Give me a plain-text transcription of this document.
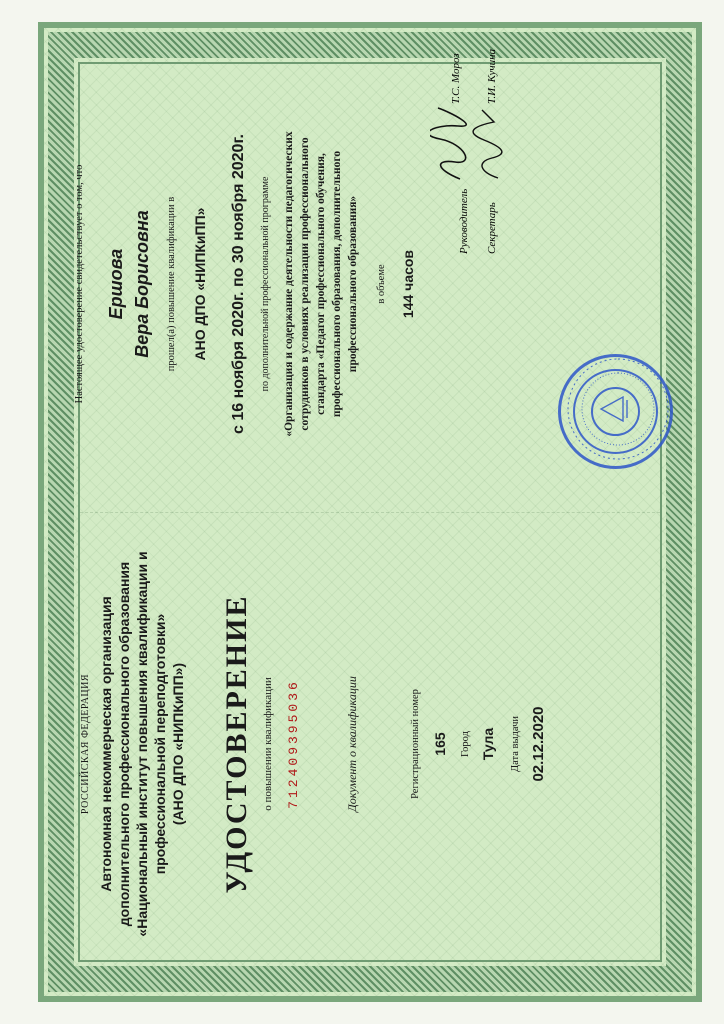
РОССИЙСКАЯ ФЕДЕРАЦИЯ Автономная некоммерческая организация дополнительного профессионального образования «Национальный институт повышения квалификации и профессиональной переподготовки» (АНО ДПО «НИПКиПП») УДОСТОВЕРЕНИЕ о повышении квалификации 712409395036	Документ о квалификации	Регистрационный номер 165 Город Тула Дата выдачи 02.12.2020
Настоящее удостоверение свидетельствует о том, что Ершова Вера Борисовна прошел(а) повышение квалификации в АНО ДПО «НИПКиПП» с 16 ноября 2020г. по 30 ноября 2020г. по дополнительной профессиональной программе «Организация и содержание деятельности педагогических сотрудников в условиях реализации профессионального стандарта «Педагог профессионального обучения, профессионального образования, дополнительного профессионального образования» в объеме 144 часов
Руководитель
Т.С. Мороз
Секретарь
Т.И. Кучина
